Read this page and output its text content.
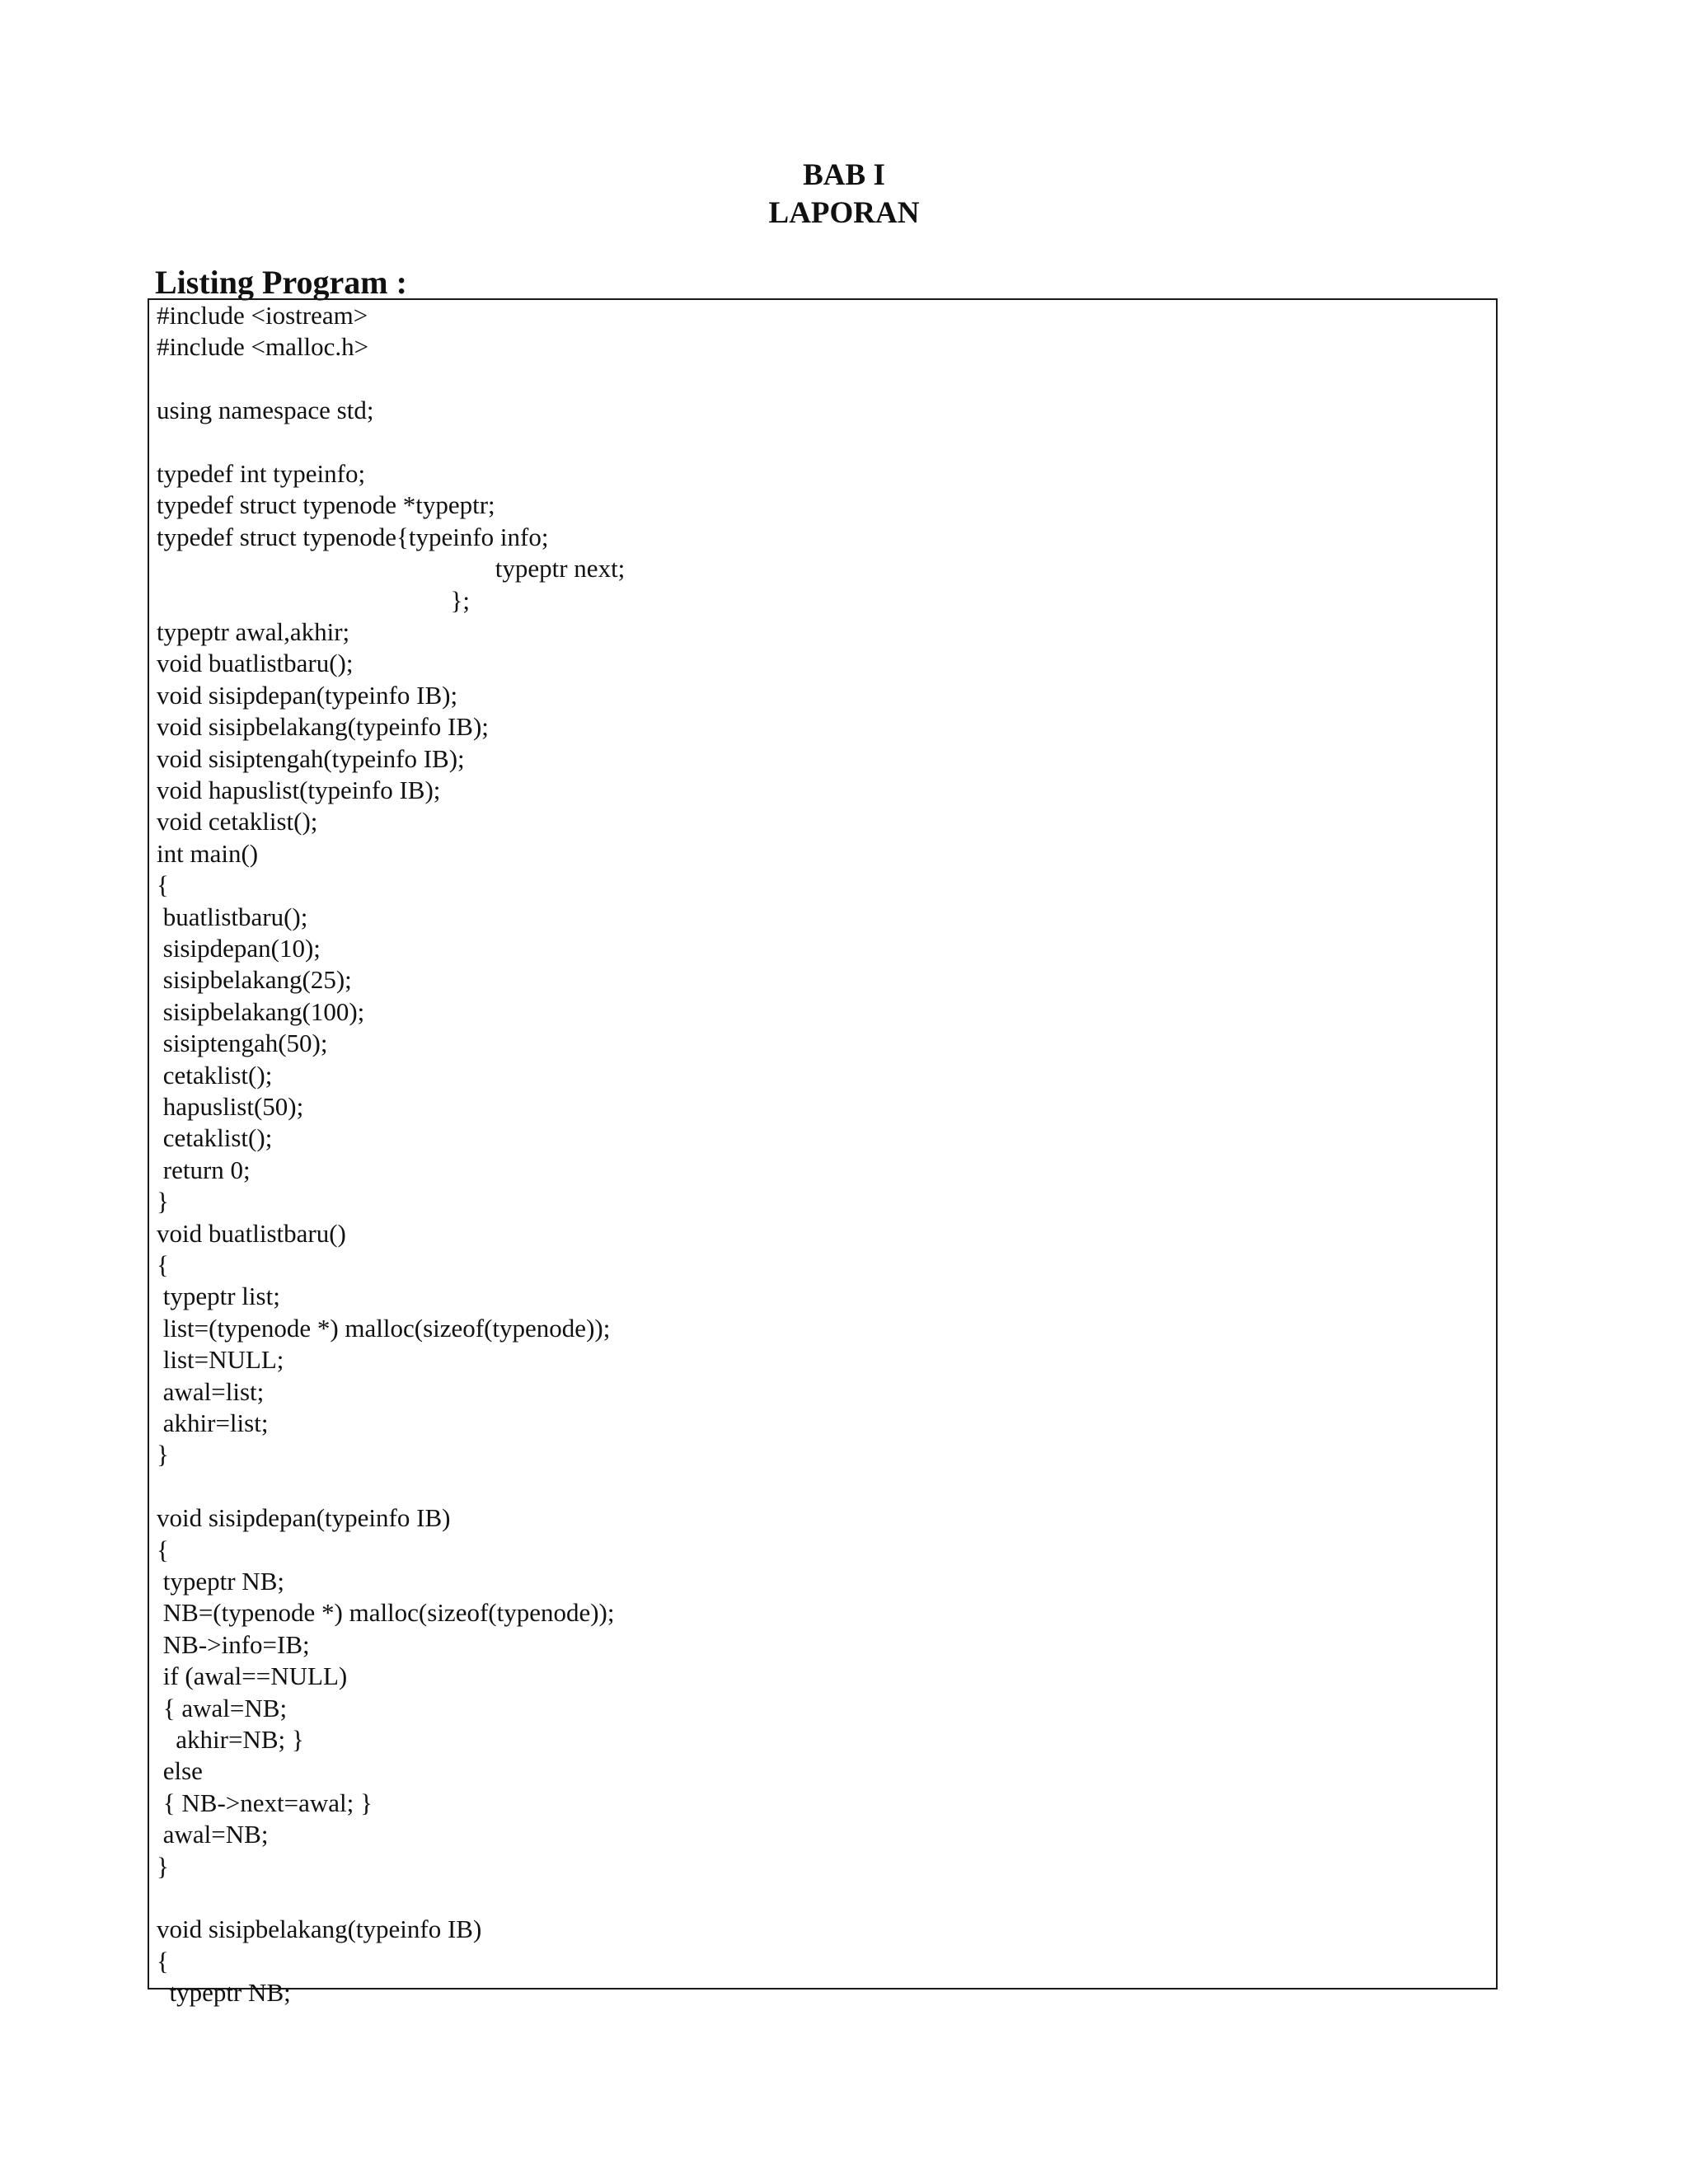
BAB I
LAPORAN
Listing Program :
#include <iostream>
#include <malloc.h>
using namespace std;
typedef int typeinfo;
typedef struct typenode *typeptr;
typedef struct typenode{typeinfo info;
typeptr next;
};
typeptr awal,akhir;
void buatlistbaru();
void sisipdepan(typeinfo IB);
void sisipbelakang(typeinfo IB);
void sisiptengah(typeinfo IB);
void hapuslist(typeinfo IB);
void cetaklist();
int main()
{
buatlistbaru();
sisipdepan(10);
sisipbelakang(25);
sisipbelakang(100);
sisiptengah(50);
cetaklist();
hapuslist(50);
cetaklist();
return 0;
}
void buatlistbaru()
{
typeptr list;
list=(typenode *) malloc(sizeof(typenode));
list=NULL;
awal=list;
akhir=list;
}
void sisipdepan(typeinfo IB)
{
typeptr NB;
NB=(typenode *) malloc(sizeof(typenode));
NB->info=IB;
if (awal==NULL)
{ awal=NB;
akhir=NB; }
else
{ NB->next=awal; }
awal=NB;
}
void sisipbelakang(typeinfo IB)
{
typeptr NB;
